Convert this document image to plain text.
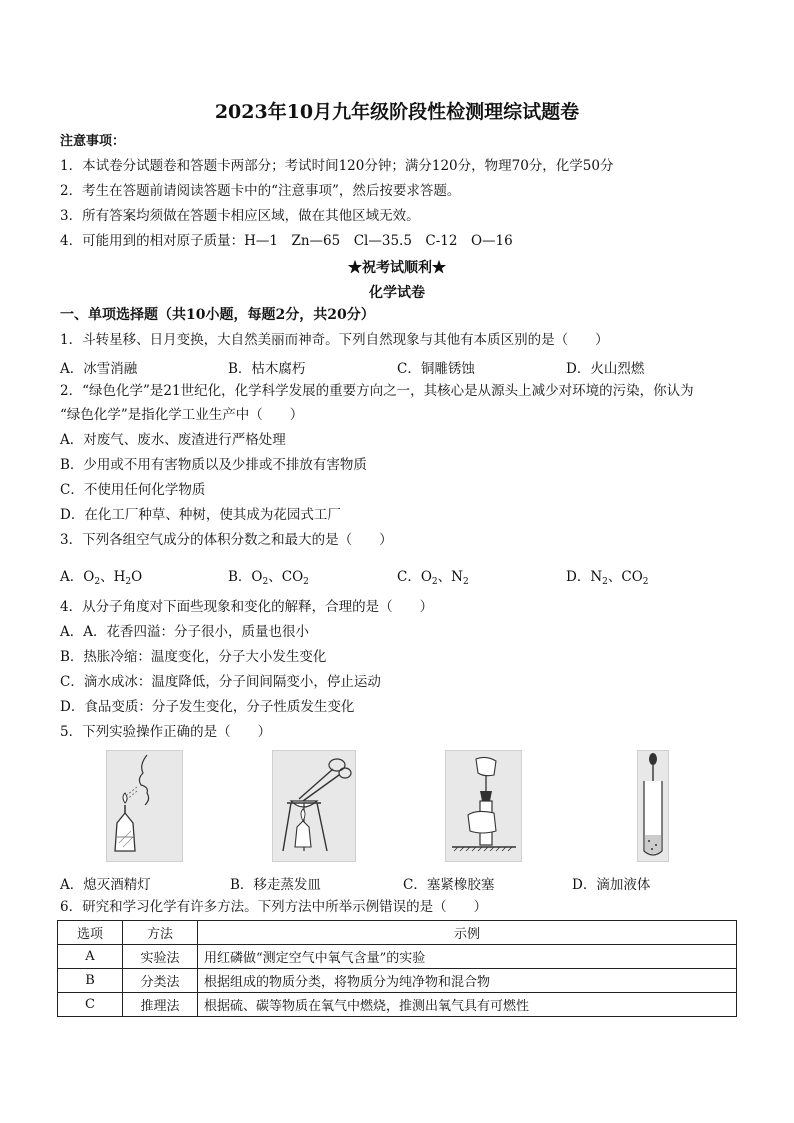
2023年10月九年级阶段性检测理综试题卷
注意事项：
1．本试卷分试题卷和答题卡两部分；考试时间120分钟；满分120分，物理70分，化学50分
2．考生在答题前请阅读答题卡中的“注意事项”，然后按要求答题。
3．所有答案均须做在答题卡相应区域，做在其他区域无效。
4．可能用到的相对原子质量：H—1　Zn—65　Cl—35.5　C-12　O—16
★祝考试顺利★
化学试卷
一、单项选择题（共10小题，每题2分，共20分）
1．斗转星移、日月变换，大自然美丽而神奇。下列自然现象与其他有本质区别的是（　　）
A．冰雪消融	B．枯木腐朽	C．铜雕锈蚀	D．火山烈燃
2．“绿色化学”是21世纪化，化学科学发展的重要方向之一，其核心是从源头上减少对环境的污染，你认为
“绿色化学”是指化学工业生产中（　　）
A．对废气、废水、废渣进行严格处理
B．少用或不用有害物质以及少排或不排放有害物质
C．不使用任何化学物质
D．在化工厂种草、种树，使其成为花园式工厂
3．下列各组空气成分的体积分数之和最大的是（　　）
A．$O_2$、$H_2O$	B．$O_2$、$CO_2$	C．$O_2$、$N_2$	D．$N_2$、$CO_2$
4．从分子角度对下面些现象和变化的解释，合理的是（　　）
A．A．花香四溢：分子很小，质量也很小
B．热胀冷缩：温度变化，分子大小发生变化
C．滴水成冰：温度降低，分子间间隔变小，停止运动
D．食品变质：分子发生变化，分子性质发生变化
5．下列实验操作正确的是（　　）
A．熄灭酒精灯	B．移走蒸发皿	C．塞紧橡胶塞	D．滴加液体
6．研究和学习化学有许多方法。下列方法中所举示例错误的是（　　）
选项	方法	示例
A	实验法	用红磷做“测定空气中氧气含量”的实验
B	分类法	根据组成的物质分类，将物质分为纯净物和混合物
C	推理法	根据硫、碳等物质在氧气中燃烧，推测出氧气具有可燃性
